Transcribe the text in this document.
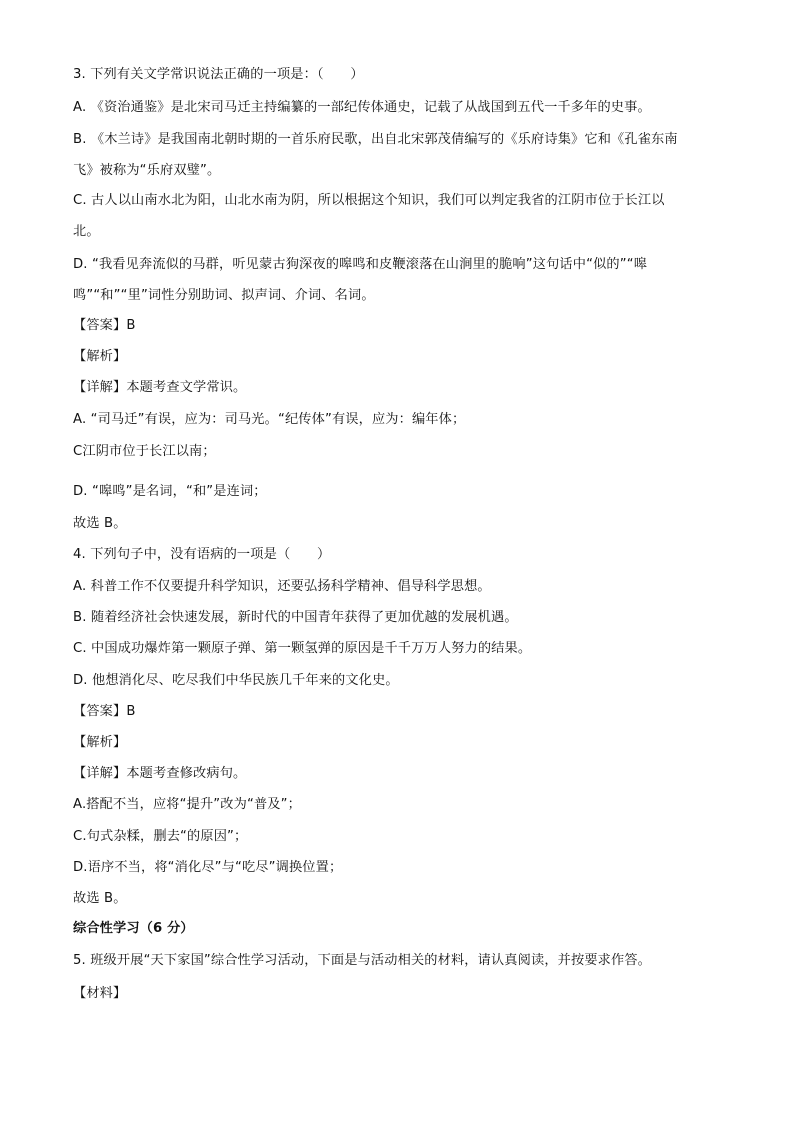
3. 下列有关文学常识说法正确的一项是：（　　）
A. 《资治通鉴》是北宋司马迁主持编纂的一部纪传体通史，记载了从战国到五代一千多年的史事。
B. 《木兰诗》是我国南北朝时期的一首乐府民歌，出自北宋郭茂倩编写的《乐府诗集》它和《孔雀东南
飞》被称为“乐府双璧”。
C. 古人以山南水北为阳，山北水南为阴，所以根据这个知识，我们可以判定我省的江阴市位于长江以
北。
D. “我看见奔流似的马群，听见蒙古狗深夜的嗥鸣和皮鞭滚落在山涧里的脆响”这句话中“似的”“嗥
鸣”“和”“里”词性分别助词、拟声词、介词、名词。
【答案】B
【解析】
【详解】本题考查文学常识。
A. “司马迁”有误，应为：司马光。“纪传体”有误，应为：编年体；
C江阴市位于长江以南；
D. “嗥鸣”是名词，“和”是连词；
故选 B。
4. 下列句子中，没有语病的一项是（　　）
A. 科普工作不仅要提升科学知识，还要弘扬科学精神、倡导科学思想。
B. 随着经济社会快速发展，新时代的中国青年获得了更加优越的发展机遇。
C. 中国成功爆炸第一颗原子弹、第一颗氢弹的原因是千千万万人努力的结果。
D. 他想消化尽、吃尽我们中华民族几千年来的文化史。
【答案】B
【解析】
【详解】本题考查修改病句。
A.搭配不当，应将“提升”改为“普及”；
C.句式杂糅，删去“的原因”；
D.语序不当，将“消化尽”与“吃尽”调换位置；
故选 B。
综合性学习（6 分）
5. 班级开展“天下家国”综合性学习活动，下面是与活动相关的材料，请认真阅读，并按要求作答。
【材料】
